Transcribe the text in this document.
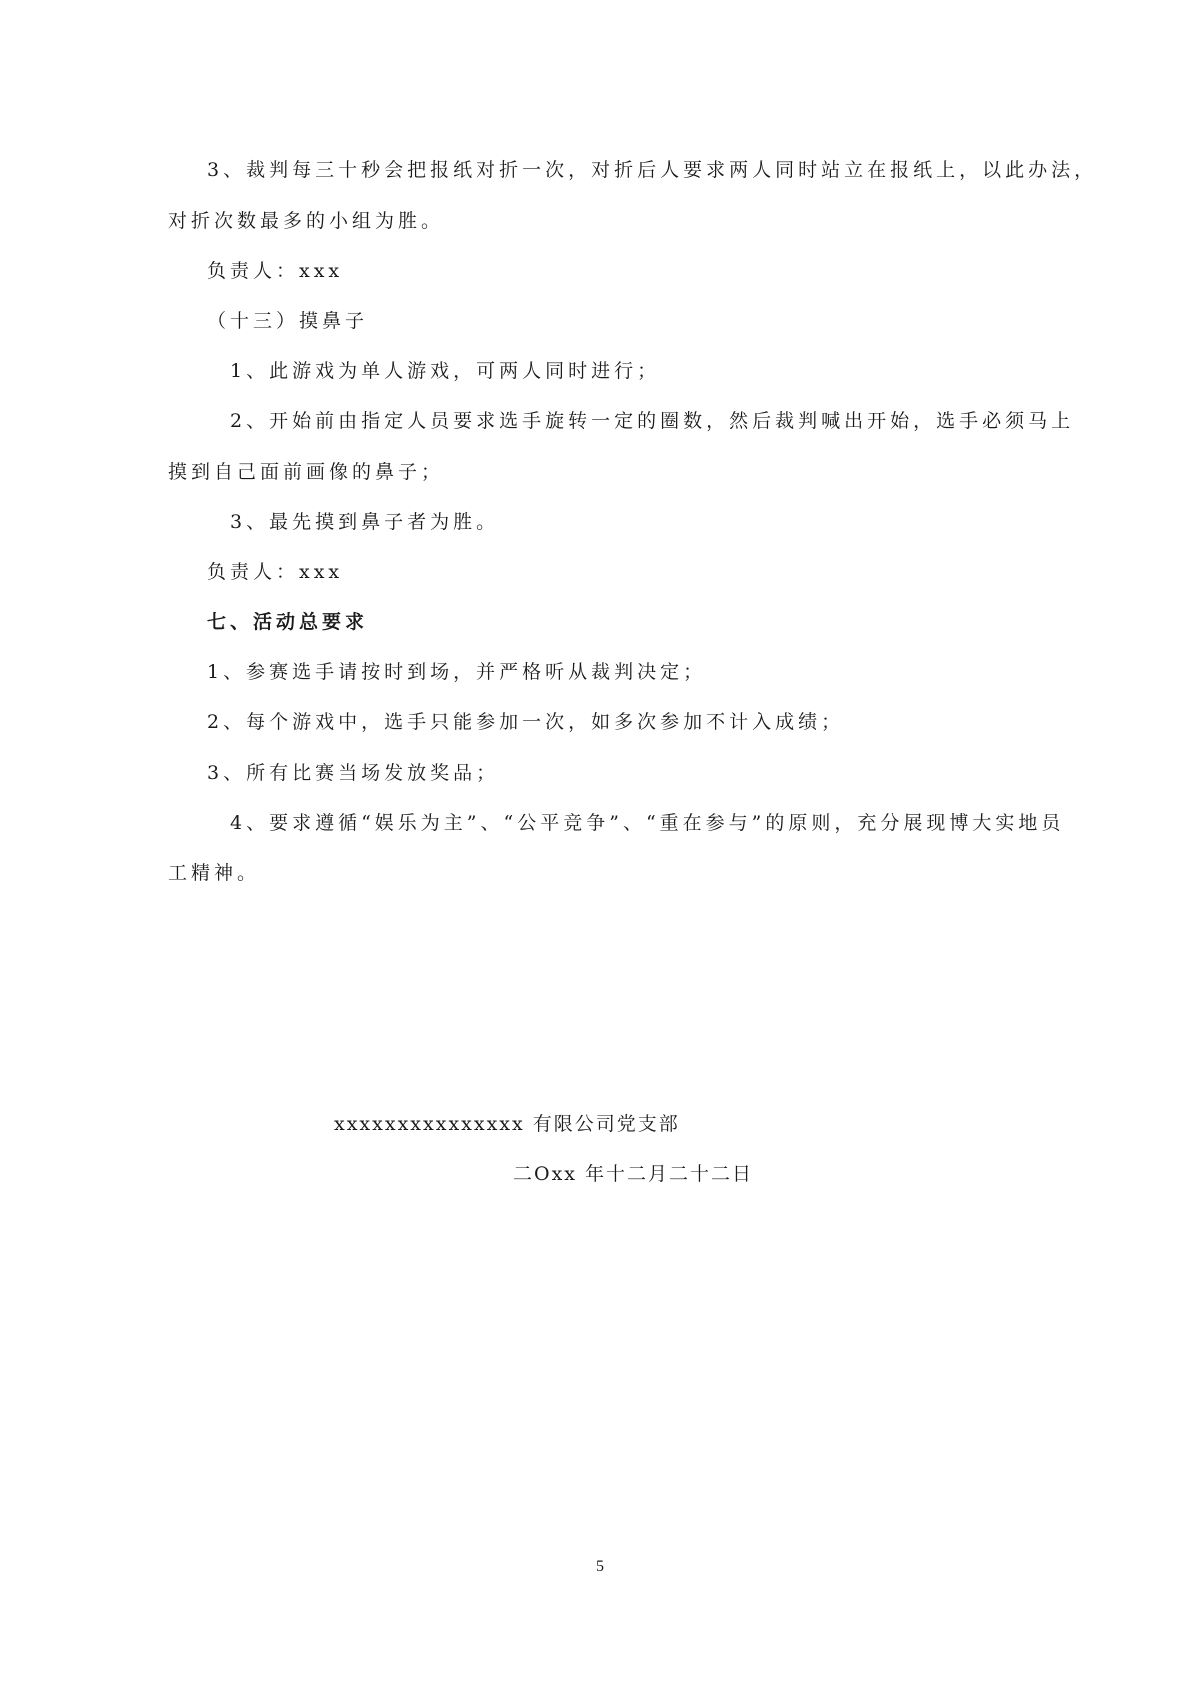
3、裁判每三十秒会把报纸对折一次，对折后人要求两人同时站立在报纸上，以此办法，
对折次数最多的小组为胜。
负责人：xxx
（十三）摸鼻子
1、此游戏为单人游戏，可两人同时进行；
2、开始前由指定人员要求选手旋转一定的圈数，然后裁判喊出开始，选手必须马上
摸到自己面前画像的鼻子；
3、最先摸到鼻子者为胜。
负责人：xxx
七、活动总要求
1、参赛选手请按时到场，并严格听从裁判决定；
2、每个游戏中，选手只能参加一次，如多次参加不计入成绩；
3、所有比赛当场发放奖品；
4、要求遵循“娱乐为主”、“公平竞争”、“重在参与”的原则，充分展现博大实地员
工精神。
xxxxxxxxxxxxxxx 有限公司党支部
二Oxx 年十二月二十二日
5
